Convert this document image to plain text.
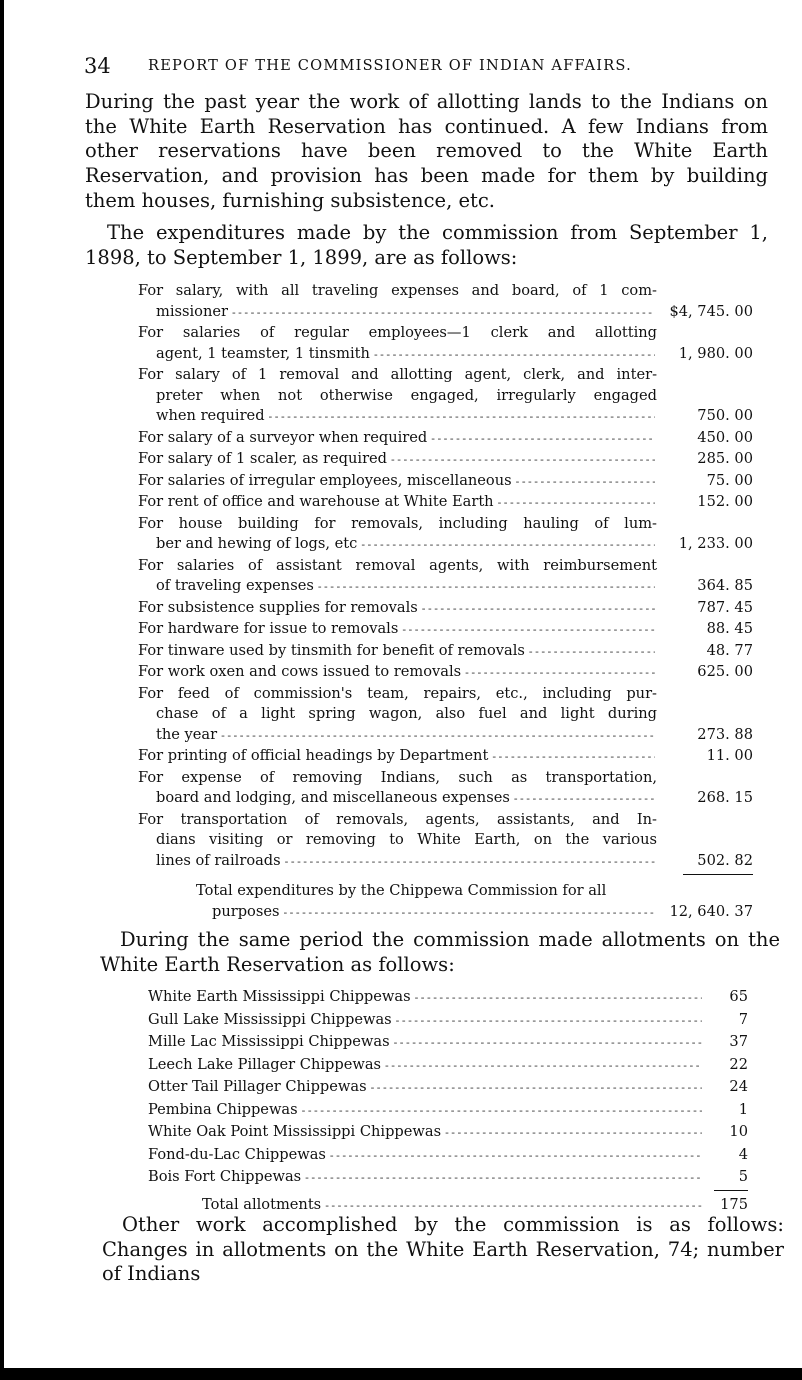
34	REPORT OF THE COMMISSIONER OF INDIAN AFFAIRS.

During the past year the work of allotting lands to the Indians on the White Earth Reservation has continued. A few Indians from other reservations have been removed to the White Earth Reservation, and provision has been made for them by building them houses, furnishing subsistence, etc.

The expenditures made by the commission from September 1, 1898, to September 1, 1899, are as follows:

For salary, with all traveling expenses and board, of 1 com-
missioner - - -	$4, 745. 00
For salaries of regular employees—1 clerk and allotting
agent, 1 teamster, 1 tinsmith - - -	1, 980. 00
For salary of 1 removal and allotting agent, clerk, and inter-
preter when not otherwise engaged, irregularly engaged
when required - - -	750. 00
For salary of a surveyor when required - - -	450. 00
For salary of 1 scaler, as required - - -	285. 00
For salaries of irregular employees, miscellaneous - - -	75. 00
For rent of office and warehouse at White Earth - - -	152. 00
For house building for removals, including hauling of lum-
ber and hewing of logs, etc - - -	1, 233. 00
For salaries of assistant removal agents, with reimbursement
of traveling expenses - - -	364. 85
For subsistence supplies for removals - - -	787. 45
For hardware for issue to removals - - -	88. 45
For tinware used by tinsmith for benefit of removals - - -	48. 77
For work oxen and cows issued to removals - - -	625. 00
For feed of commission's team, repairs, etc., including pur-
chase of a light spring wagon, also fuel and light during
the year - - -	273. 88
For printing of official headings by Department - - -	11. 00
For expense of removing Indians, such as transportation,
board and lodging, and miscellaneous expenses - - -	268. 15
For transportation of removals, agents, assistants, and In-
dians visiting or removing to White Earth, on the various
lines of railroads - - -	502. 82
Total expenditures by the Chippewa Commission for all
purposes - - -	12, 640. 37

During the same period the commission made allotments on the White Earth Reservation as follows:

White Earth Mississippi Chippewas - - -	65
Gull Lake Mississippi Chippewas - - -	7
Mille Lac Mississippi Chippewas - - -	37
Leech Lake Pillager Chippewas - - -	22
Otter Tail Pillager Chippewas - - -	24
Pembina Chippewas - - -	1
White Oak Point Mississippi Chippewas - - -	10
Fond-du-Lac Chippewas - - -	4
Bois Fort Chippewas - - -	5
Total allotments - - -	175

Other work accomplished by the commission is as follows: Changes in allotments on the White Earth Reservation, 74; number of Indians
